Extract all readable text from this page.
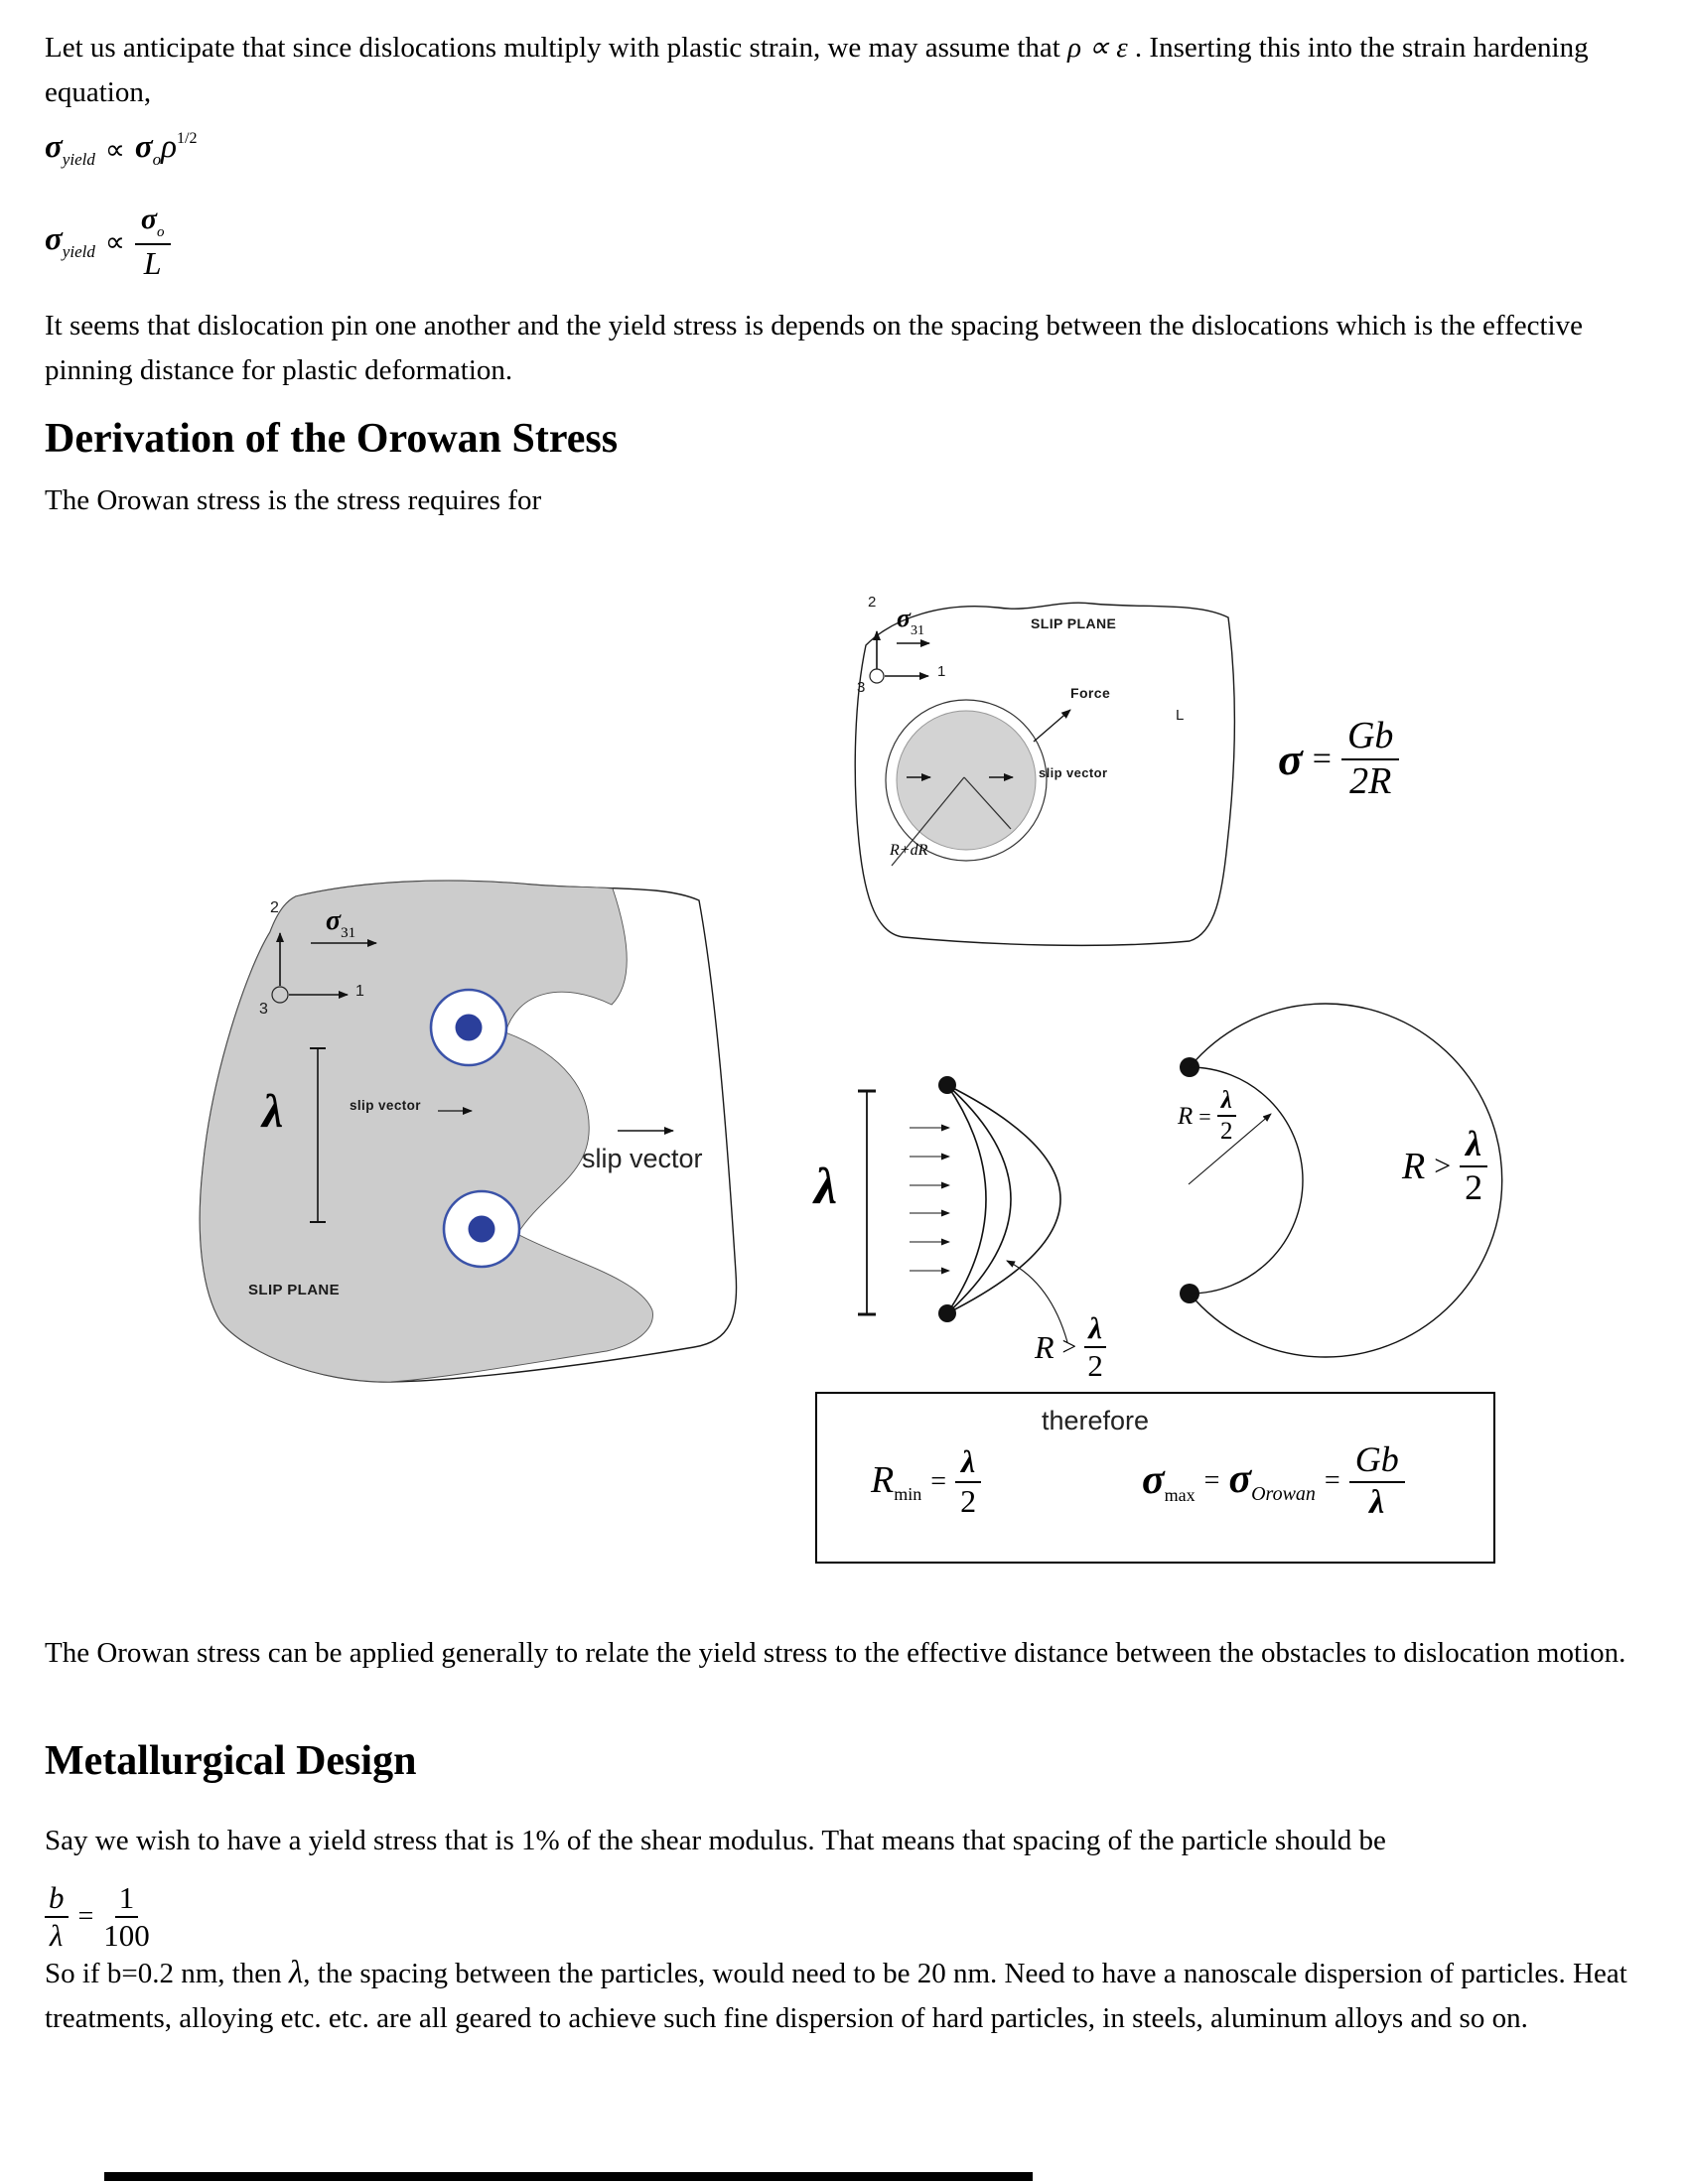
Let us anticipate that since dislocations multiply with plastic strain, we may assume that ρ ∝ ε . Inserting this into the strain hardening equation,

$\sigma_{yield} \propto \sigma_o\rho^{1/2}$
$\sigma_{yield} \propto \frac{\sigma_o}{L}$

It seems that dislocation pin one another and the yield stress is depends on the spacing between the dislocations which is the effective pinning distance for plastic deformation.

Derivation of the Orowan Stress

The Orowan stress is the stress requires for

2
1
3
$\sigma_{31}$	SLIP PLANE
Force
slip vector
R+dR
L
$\sigma = \frac{Gb}{2R}$
2
1
3
$\sigma_{31}$
λ	slip vector
SLIP PLANE
slip vector λ
$R > \frac{\lambda}{2}$
$R = \frac{\lambda}{2}$
$R > \frac{\lambda}{2}$
therefore
$Rmin = \frac{\lambda}{2}$	σmax = σOrowan = $\frac{Gb}{\lambda}$

The Orowan stress can be applied generally to relate the yield stress to the effective distance between the obstacles to dislocation motion.

Metallurgical Design

Say we wish to have a yield stress that is 1% of the shear modulus. That means that spacing of the particle should be

$\frac{b}{\lambda} = \frac{1}{100}$

So if b=0.2 nm, then λ, the spacing between the particles, would need to be 20 nm. Need to have a nanoscale dispersion of particles. Heat treatments, alloying etc. etc. are all geared to achieve such fine dispersion of hard particles, in steels, aluminum alloys and so on.
